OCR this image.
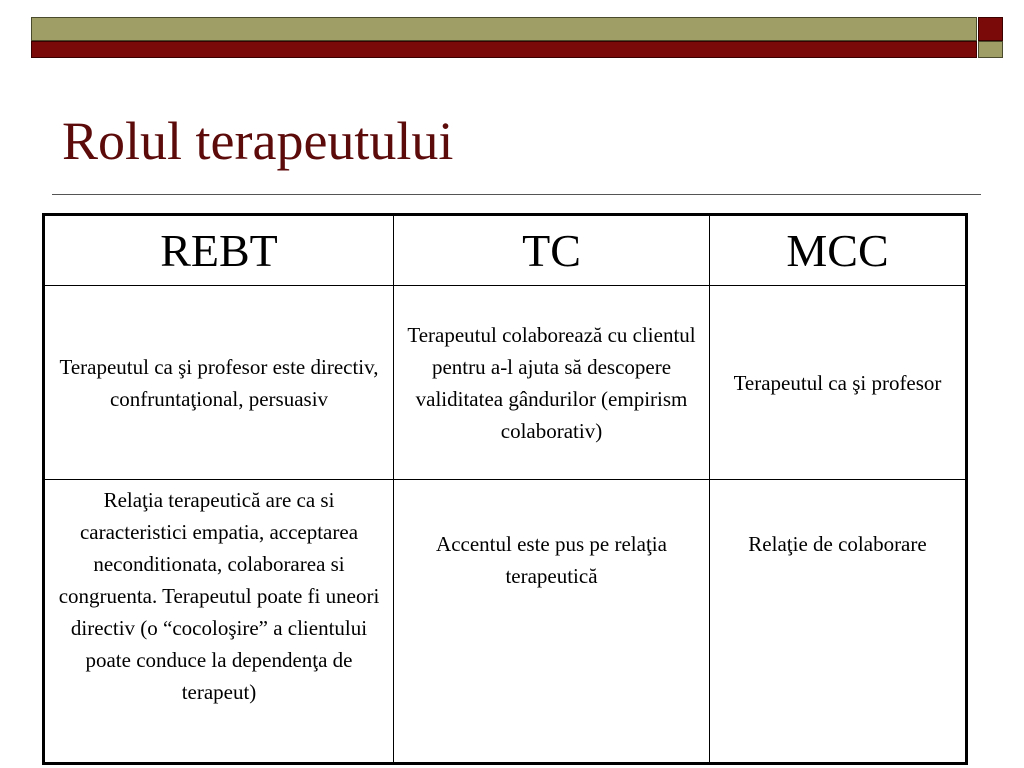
Rolul terapeutului
REBT	TC	MCC
Terapeutul ca şi profesor este directiv, confruntaţional, persuasiv	Terapeutul colaborează cu clientul pentru a-l ajuta să descopere validitatea gândurilor (empirism colaborativ)	Terapeutul ca şi profesor
Relaţia terapeutică are ca si caracteristici empatia, acceptarea neconditionata, colaborarea si congruenta. Terapeutul poate fi uneori directiv (o “cocoloşire” a clientului poate conduce la dependenţa de terapeut)	Accentul este pus pe relaţia terapeutică	Relaţie de colaborare
